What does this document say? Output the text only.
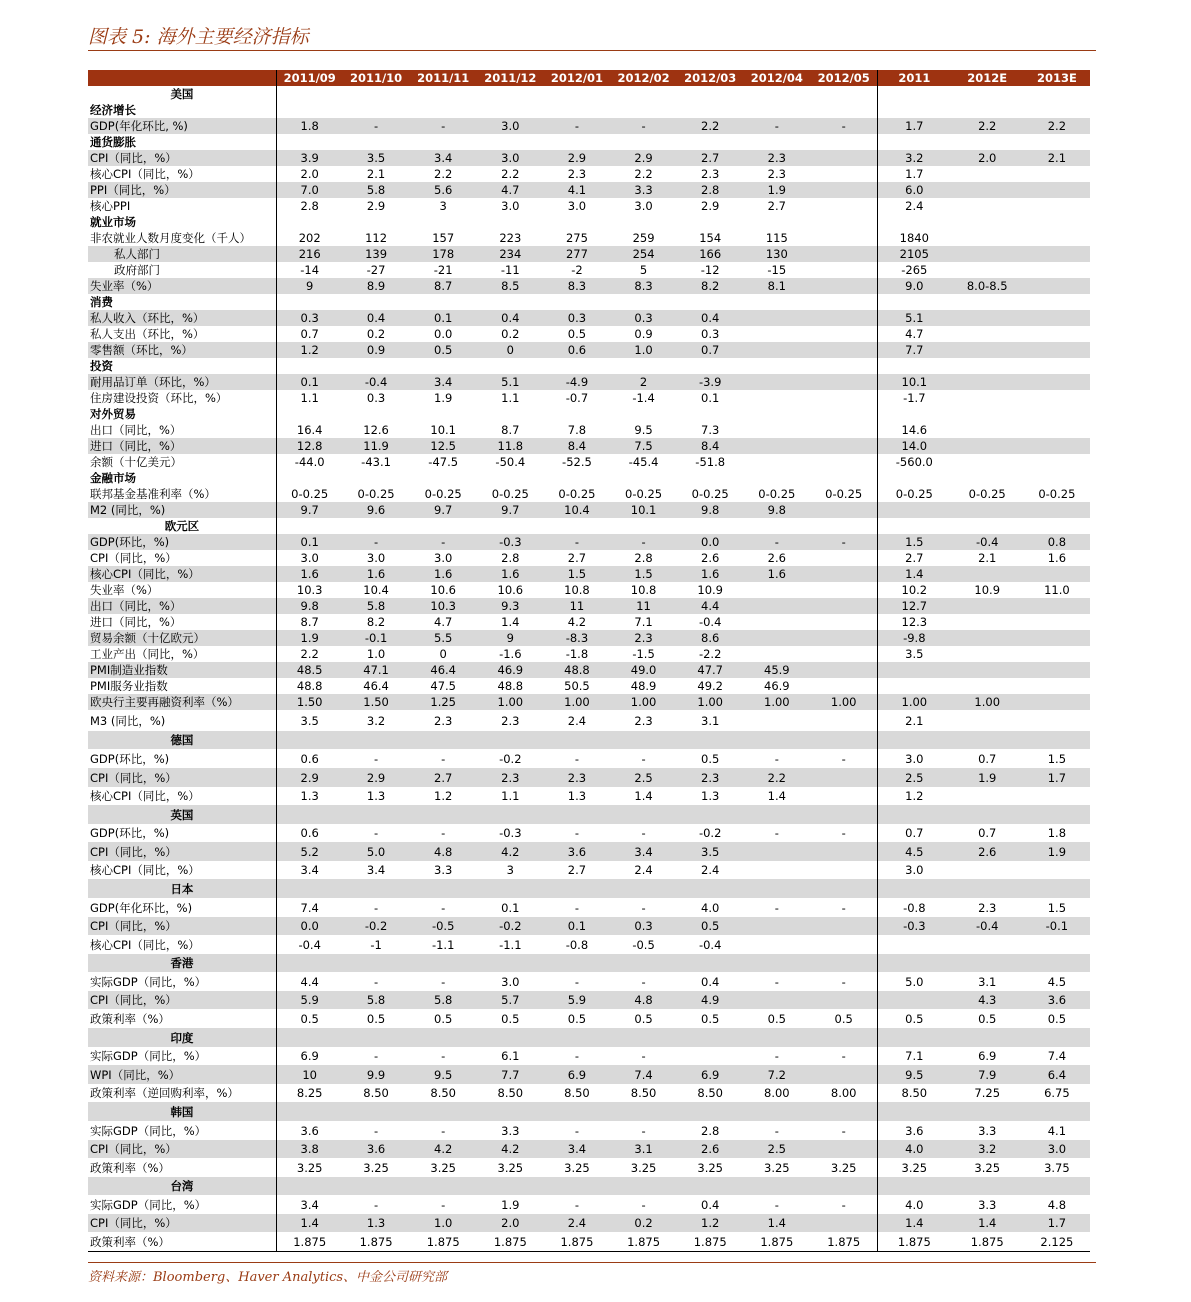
图表 5: 海外主要经济指标
	2011/09	2011/10	2011/11	2011/12	2012/01	2012/02	2012/03	2012/04	2012/05	2011	2012E	2013E
美国												
经济增长												
GDP(年化环比, %)	1.8	-	-	3.0	-	-	2.2	-	-	1.7	2.2	2.2
通货膨胀												
CPI（同比，%）	3.9	3.5	3.4	3.0	2.9	2.9	2.7	2.3		3.2	2.0	2.1
核心CPI（同比，%）	2.0	2.1	2.2	2.2	2.3	2.2	2.3	2.3		1.7		
PPI（同比，%）	7.0	5.8	5.6	4.7	4.1	3.3	2.8	1.9		6.0		
核心PPI	2.8	2.9	3	3.0	3.0	3.0	2.9	2.7		2.4		
就业市场												
非农就业人数月度变化（千人）	202	112	157	223	275	259	154	115		1840		
私人部门	216	139	178	234	277	254	166	130		2105		
政府部门	-14	-27	-21	-11	-2	5	-12	-15		-265		
失业率（%）	9	8.9	8.7	8.5	8.3	8.3	8.2	8.1		9.0	8.0-8.5	
消费												
私人收入（环比，%）	0.3	0.4	0.1	0.4	0.3	0.3	0.4			5.1		
私人支出（环比，%）	0.7	0.2	0.0	0.2	0.5	0.9	0.3			4.7		
零售额（环比，%）	1.2	0.9	0.5	0	0.6	1.0	0.7			7.7		
投资												
耐用品订单（环比，%）	0.1	-0.4	3.4	5.1	-4.9	2	-3.9			10.1		
住房建设投资（环比，%）	1.1	0.3	1.9	1.1	-0.7	-1.4	0.1			-1.7		
对外贸易												
出口（同比，%）	16.4	12.6	10.1	8.7	7.8	9.5	7.3			14.6		
进口（同比，%）	12.8	11.9	12.5	11.8	8.4	7.5	8.4			14.0		
余额（十亿美元）	-44.0	-43.1	-47.5	-50.4	-52.5	-45.4	-51.8			-560.0		
金融市场												
联邦基金基准利率（%）	0-0.25	0-0.25	0-0.25	0-0.25	0-0.25	0-0.25	0-0.25	0-0.25	0-0.25	0-0.25	0-0.25	0-0.25
M2 (同比，%)	9.7	9.6	9.7	9.7	10.4	10.1	9.8	9.8				
欧元区												
GDP(环比，%)	0.1	-	-	-0.3	-	-	0.0	-	-	1.5	-0.4	0.8
CPI（同比，%）	3.0	3.0	3.0	2.8	2.7	2.8	2.6	2.6		2.7	2.1	1.6
核心CPI（同比，%）	1.6	1.6	1.6	1.6	1.5	1.5	1.6	1.6		1.4		
失业率（%）	10.3	10.4	10.6	10.6	10.8	10.8	10.9			10.2	10.9	11.0
出口（同比，%）	9.8	5.8	10.3	9.3	11	11	4.4			12.7		
进口（同比，%）	8.7	8.2	4.7	1.4	4.2	7.1	-0.4			12.3		
贸易余额（十亿欧元）	1.9	-0.1	5.5	9	-8.3	2.3	8.6			-9.8		
工业产出（同比，%）	2.2	1.0	0	-1.6	-1.8	-1.5	-2.2			3.5		
PMI制造业指数	48.5	47.1	46.4	46.9	48.8	49.0	47.7	45.9				
PMI服务业指数	48.8	46.4	47.5	48.8	50.5	48.9	49.2	46.9				
欧央行主要再融资利率（%）	1.50	1.50	1.25	1.00	1.00	1.00	1.00	1.00	1.00	1.00	1.00	
M3 (同比，%)	3.5	3.2	2.3	2.3	2.4	2.3	3.1			2.1		
德国												
GDP(环比，%)	0.6	-	-	-0.2	-	-	0.5	-	-	3.0	0.7	1.5
CPI（同比，%）	2.9	2.9	2.7	2.3	2.3	2.5	2.3	2.2		2.5	1.9	1.7
核心CPI（同比，%）	1.3	1.3	1.2	1.1	1.3	1.4	1.3	1.4		1.2		
英国												
GDP(环比，%)	0.6	-	-	-0.3	-	-	-0.2	-	-	0.7	0.7	1.8
CPI（同比，%）	5.2	5.0	4.8	4.2	3.6	3.4	3.5			4.5	2.6	1.9
核心CPI（同比，%）	3.4	3.4	3.3	3	2.7	2.4	2.4			3.0		
日本												
GDP(年化环比，%)	7.4	-	-	0.1	-	-	4.0	-	-	-0.8	2.3	1.5
CPI（同比，%）	0.0	-0.2	-0.5	-0.2	0.1	0.3	0.5			-0.3	-0.4	-0.1
核心CPI（同比，%）	-0.4	-1	-1.1	-1.1	-0.8	-0.5	-0.4					
香港												
实际GDP（同比，%）	4.4	-	-	3.0	-	-	0.4	-	-	5.0	3.1	4.5
CPI（同比，%）	5.9	5.8	5.8	5.7	5.9	4.8	4.9				4.3	3.6
政策利率（%）	0.5	0.5	0.5	0.5	0.5	0.5	0.5	0.5	0.5	0.5	0.5	0.5
印度												
实际GDP（同比，%）	6.9	-	-	6.1	-	-		-	-	7.1	6.9	7.4
WPI（同比，%）	10	9.9	9.5	7.7	6.9	7.4	6.9	7.2		9.5	7.9	6.4
政策利率（逆回购利率，%）	8.25	8.50	8.50	8.50	8.50	8.50	8.50	8.00	8.00	8.50	7.25	6.75
韩国												
实际GDP（同比，%）	3.6	-	-	3.3	-	-	2.8	-	-	3.6	3.3	4.1
CPI（同比，%）	3.8	3.6	4.2	4.2	3.4	3.1	2.6	2.5		4.0	3.2	3.0
政策利率（%）	3.25	3.25	3.25	3.25	3.25	3.25	3.25	3.25	3.25	3.25	3.25	3.75
台湾												
实际GDP（同比，%）	3.4	-	-	1.9	-	-	0.4	-	-	4.0	3.3	4.8
CPI（同比，%）	1.4	1.3	1.0	2.0	2.4	0.2	1.2	1.4		1.4	1.4	1.7
政策利率（%）	1.875	1.875	1.875	1.875	1.875	1.875	1.875	1.875	1.875	1.875	1.875	2.125
资料来源：Bloomberg、Haver Analytics、中金公司研究部
